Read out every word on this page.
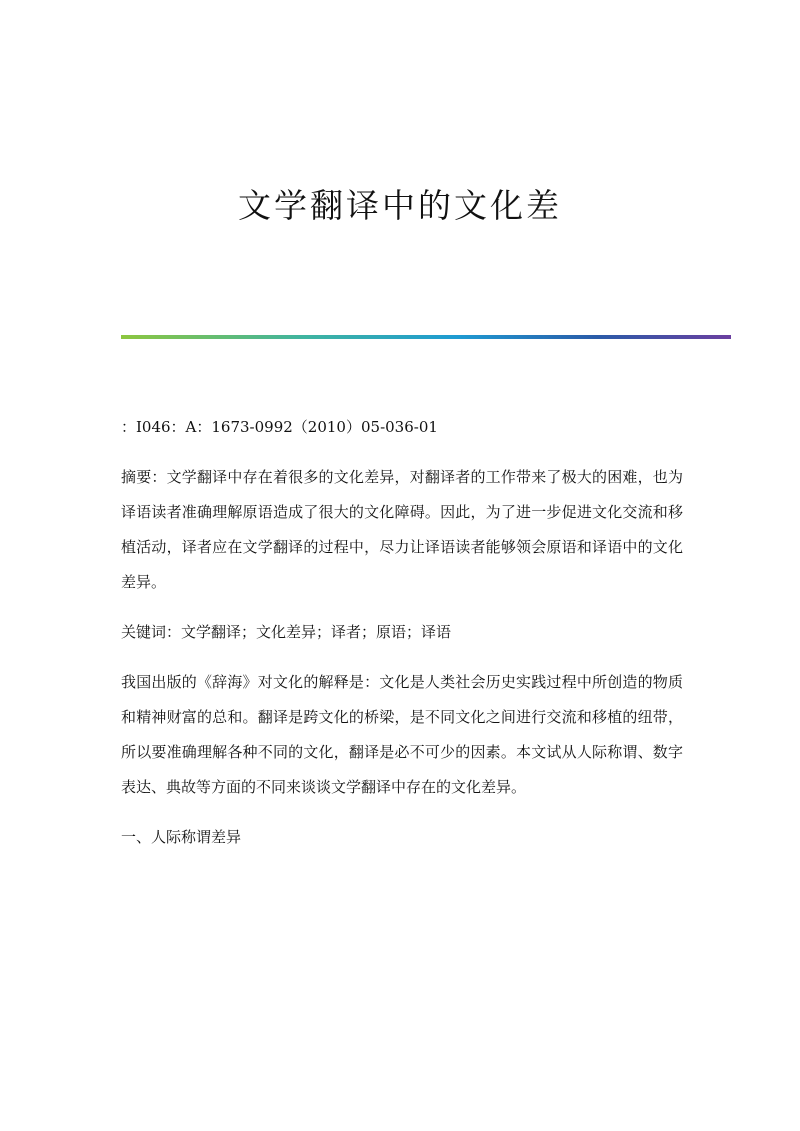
文学翻译中的文化差

：I046：A：1673-0992（2010）05-036-01

摘要：文学翻译中存在着很多的文化差异，对翻译者的工作带来了极大的困难，也为译语读者准确理解原语造成了很大的文化障碍。因此，为了进一步促进文化交流和移植活动，译者应在文学翻译的过程中，尽力让译语读者能够领会原语和译语中的文化差异。

关键词：文学翻译；文化差异；译者；原语；译语

我国出版的《辞海》对文化的解释是：文化是人类社会历史实践过程中所创造的物质和精神财富的总和。翻译是跨文化的桥梁，是不同文化之间进行交流和移植的纽带，所以要准确理解各种不同的文化，翻译是必不可少的因素。本文试从人际称谓、数字表达、典故等方面的不同来谈谈文学翻译中存在的文化差异。

一、人际称谓差异
